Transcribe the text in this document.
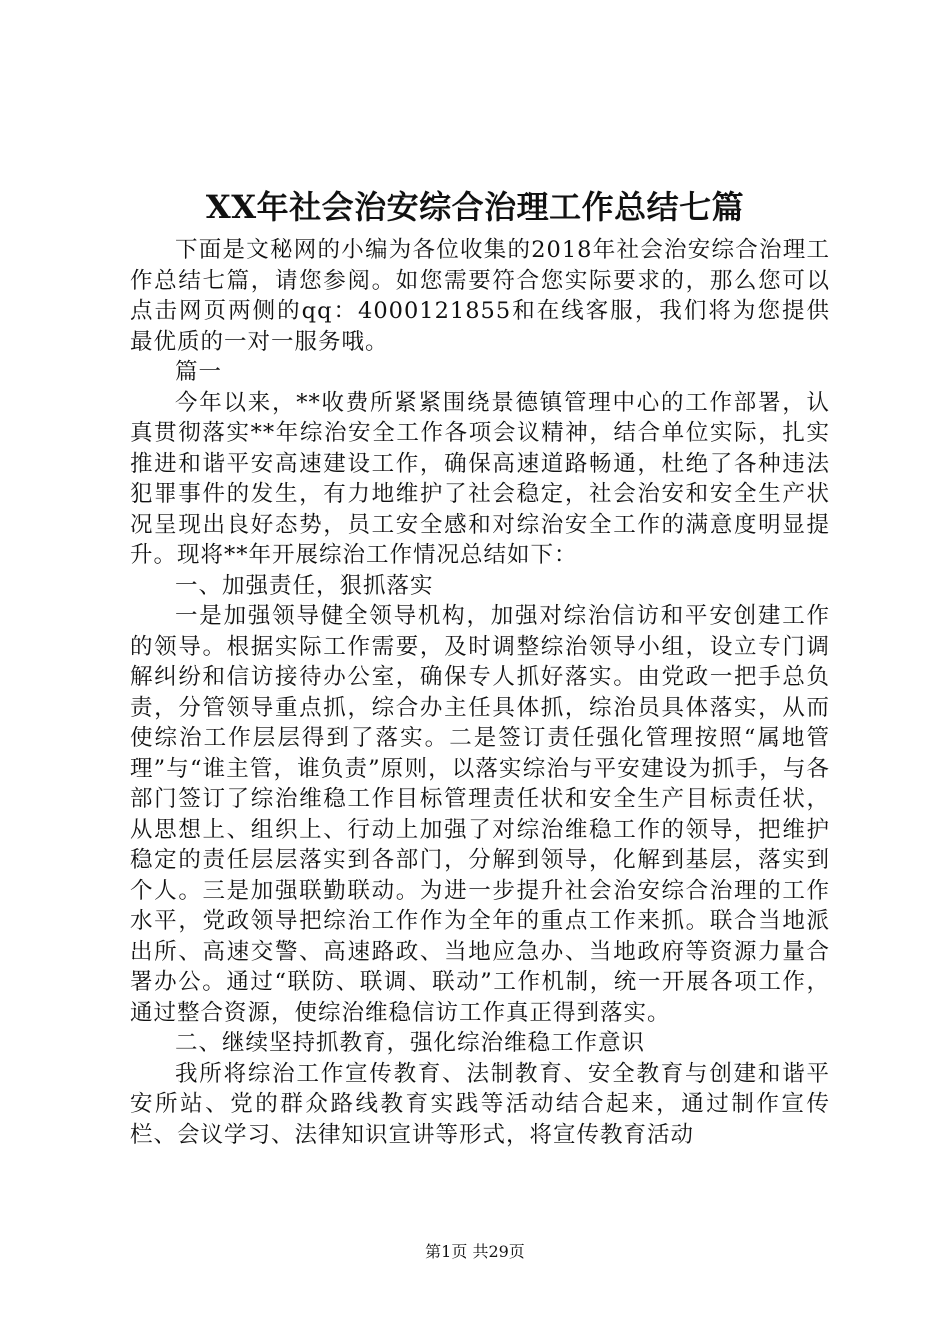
XX年社会治安综合治理工作总结七篇

下面是文秘网的小编为各位收集的2018年社会治安综合治理工作总结七篇，请您参阅。如您需要符合您实际要求的，那么您可以点击网页两侧的qq：4000121855和在线客服，我们将为您提供最优质的一对一服务哦。

篇一

今年以来，**收费所紧紧围绕景德镇管理中心的工作部署，认真贯彻落实**年综治安全工作各项会议精神，结合单位实际，扎实推进和谐平安高速建设工作，确保高速道路畅通，杜绝了各种违法犯罪事件的发生，有力地维护了社会稳定，社会治安和安全生产状况呈现出良好态势，员工安全感和对综治安全工作的满意度明显提升。现将**年开展综治工作情况总结如下：

一、加强责任，狠抓落实

一是加强领导健全领导机构，加强对综治信访和平安创建工作的领导。根据实际工作需要，及时调整综治领导小组，设立专门调解纠纷和信访接待办公室，确保专人抓好落实。由党政一把手总负责，分管领导重点抓，综合办主任具体抓，综治员具体落实，从而使综治工作层层得到了落实。二是签订责任强化管理按照“属地管理”与“谁主管，谁负责”原则，以落实综治与平安建设为抓手，与各部门签订了综治维稳工作目标管理责任状和安全生产目标责任状，从思想上、组织上、行动上加强了对综治维稳工作的领导，把维护稳定的责任层层落实到各部门，分解到领导，化解到基层，落实到个人。三是加强联勤联动。为进一步提升社会治安综合治理的工作水平，党政领导把综治工作作为全年的重点工作来抓。联合当地派出所、高速交警、高速路政、当地应急办、当地政府等资源力量合署办公。通过“联防、联调、联动”工作机制，统一开展各项工作，通过整合资源，使综治维稳信访工作真正得到落实。

二、继续坚持抓教育，强化综治维稳工作意识

我所将综治工作宣传教育、法制教育、安全教育与创建和谐平安所站、党的群众路线教育实践等活动结合起来，通过制作宣传栏、会议学习、法律知识宣讲等形式，将宣传教育活动

第1页 共29页
